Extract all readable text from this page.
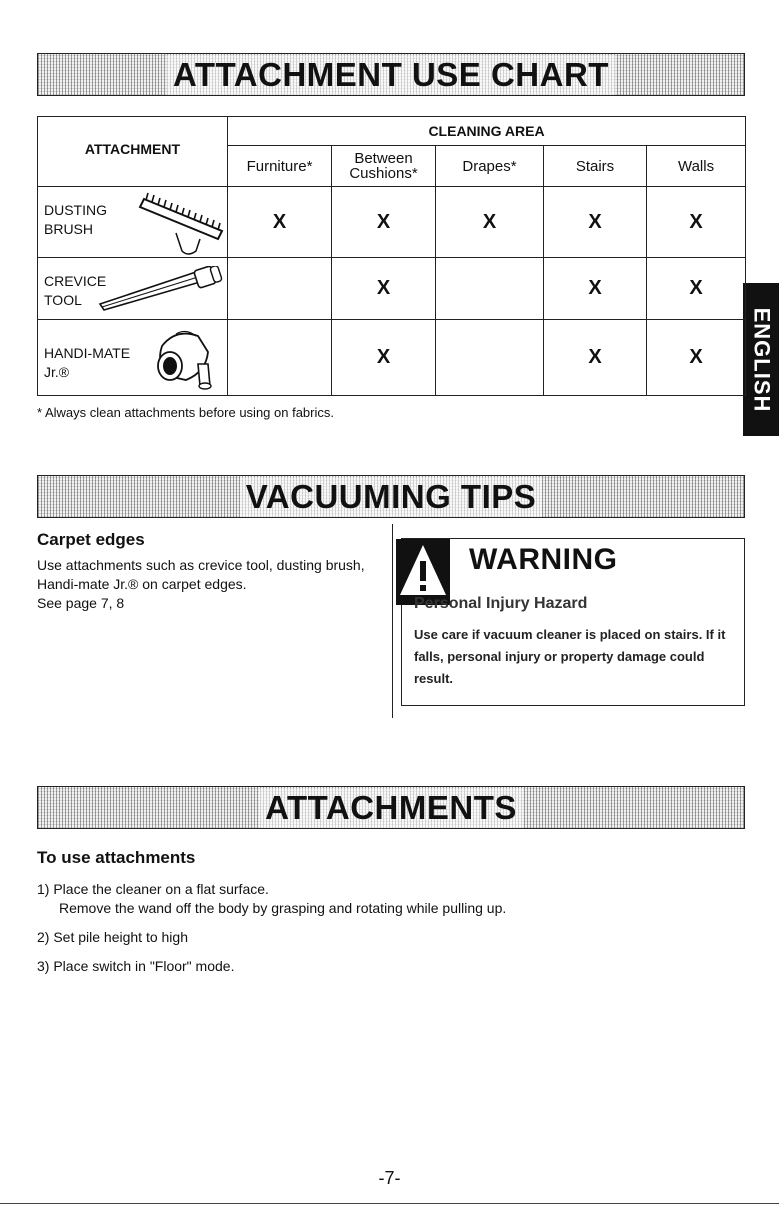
ATTACHMENT USE CHART
ENGLISH
ATTACHMENT	CLEANING AREA				
	Furniture*	Between Cushions*	Drapes*	Stairs	Walls

DUSTING
BRUSH	X	X	X	X	X

CREVICE
TOOL		X		X	X

HANDI-MATE
Jr.®		X		X	X
* Always clean attachments before using on fabrics.
VACUUMING TIPS
Carpet edges
Use attachments such as crevice tool, dusting brush, Handi-mate Jr.® on carpet edges.
See page 7, 8
WARNING
Personal Injury Hazard
Use care if vacuum cleaner is placed on stairs. If it falls, personal injury or property damage could result.
ATTACHMENTS
To use attachments
1) Place the cleaner on a flat surface.
Remove the wand off the body by grasping and rotating while pulling up.
2) Set pile height to high
3) Place switch in "Floor" mode.
-7-
